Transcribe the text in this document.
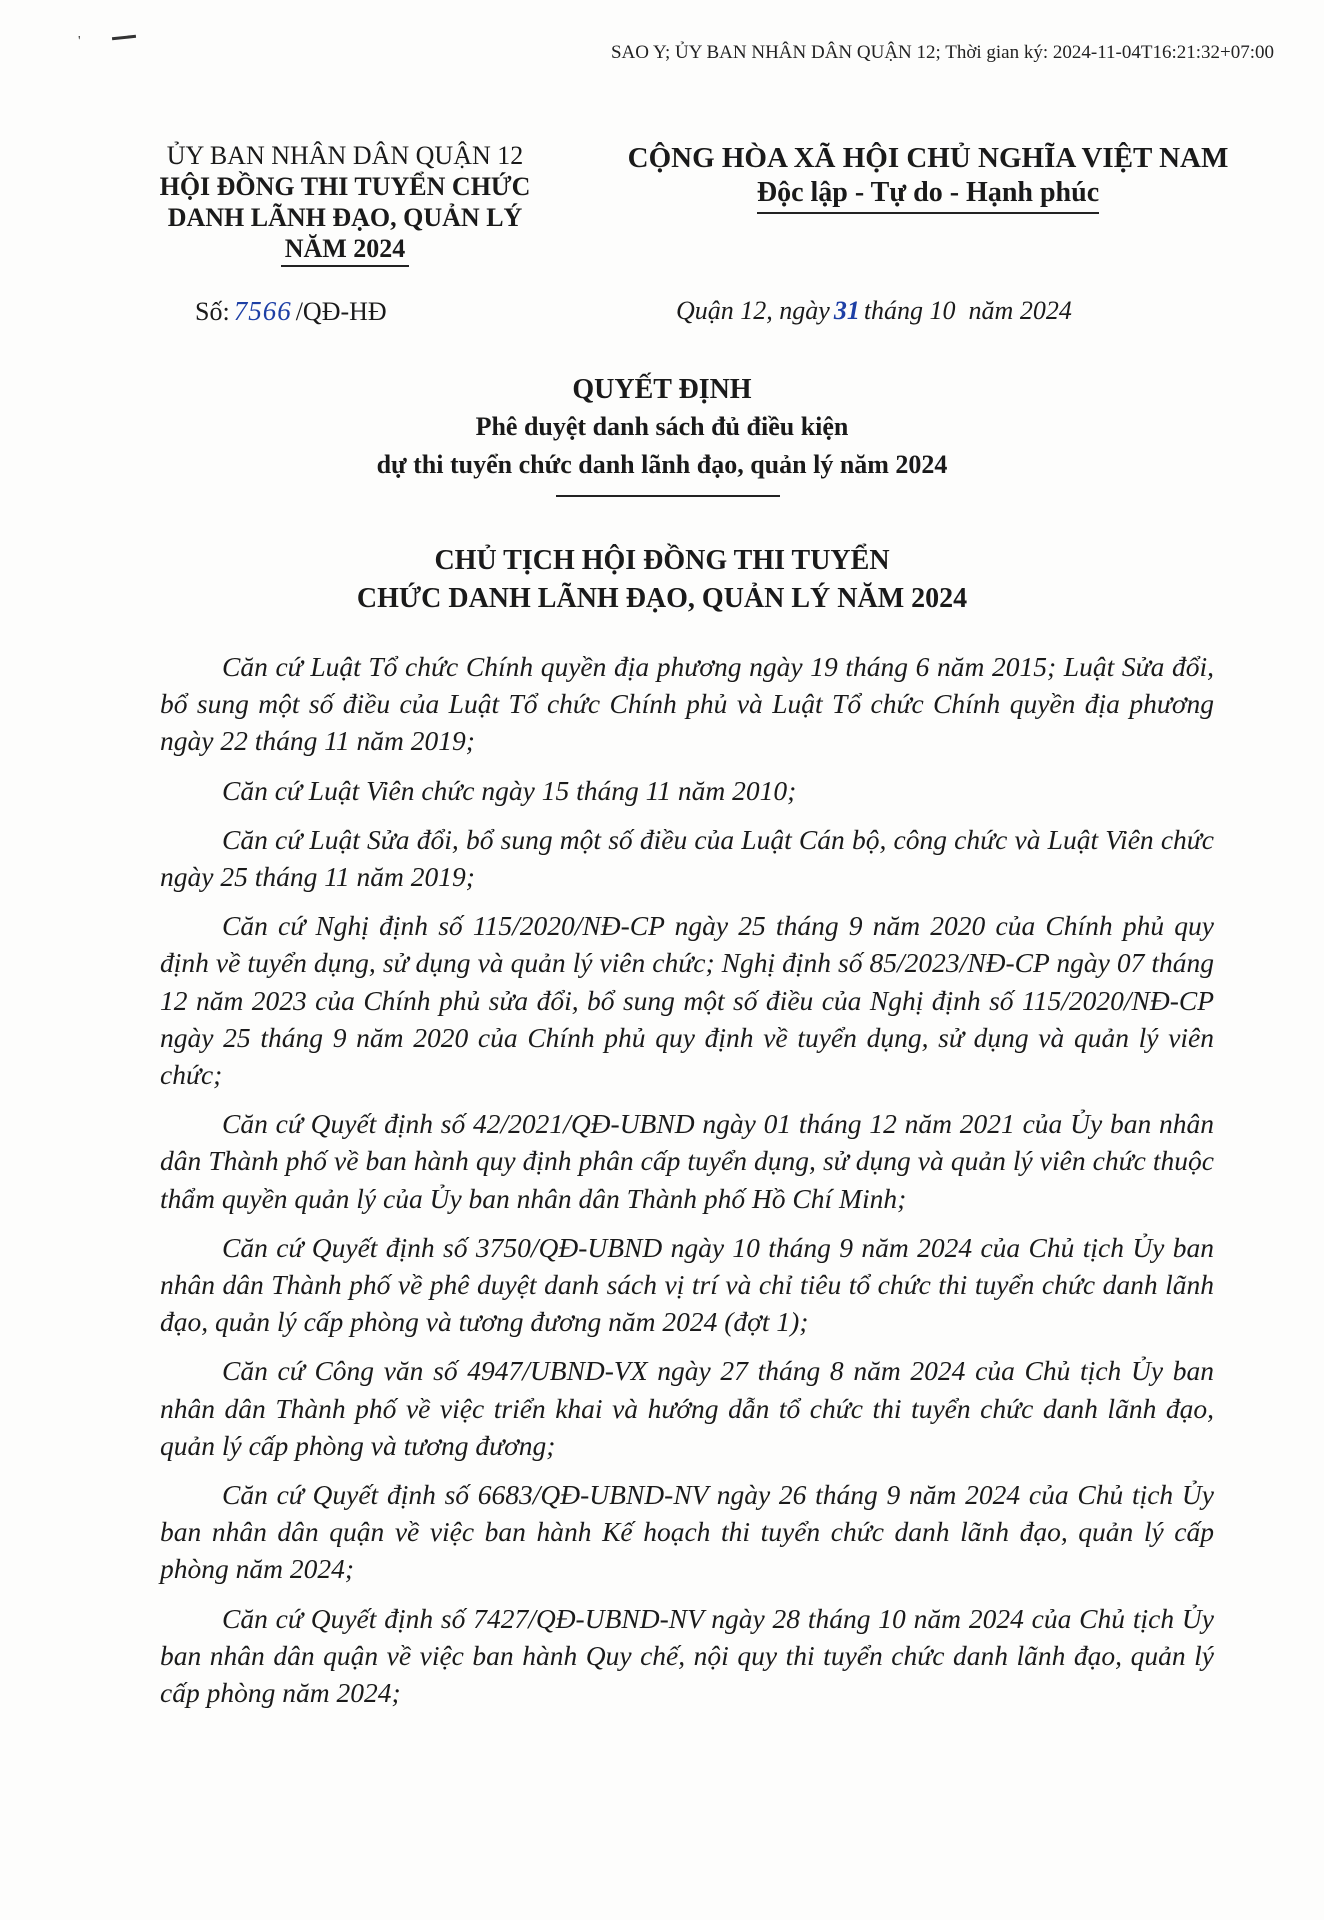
'
SAO Y; ỦY BAN NHÂN DÂN QUẬN 12; Thời gian ký: 2024-11-04T16:21:32+07:00
ỦY BAN NHÂN DÂN QUẬN 12
HỘI ĐỒNG THI TUYỂN CHỨC
DANH LÃNH ĐẠO, QUẢN LÝ
NĂM 2024
CỘNG HÒA XÃ HỘI CHỦ NGHĨA VIỆT NAM
Độc lập - Tự do - Hạnh phúc
Số: 7566 /QĐ-HĐ	Quận 12, ngày 31 tháng 10  năm 2024
QUYẾT ĐỊNH
Phê duyệt danh sách đủ điều kiện
dự thi tuyển chức danh lãnh đạo, quản lý năm 2024
CHỦ TỊCH HỘI ĐỒNG THI TUYỂN
CHỨC DANH LÃNH ĐẠO, QUẢN LÝ NĂM 2024

Căn cứ Luật Tổ chức Chính quyền địa phương ngày 19 tháng 6 năm 2015; Luật Sửa đổi, bổ sung một số điều của Luật Tổ chức Chính phủ và Luật Tổ chức Chính quyền địa phương ngày 22 tháng 11 năm 2019;

Căn cứ Luật Viên chức ngày 15 tháng 11 năm 2010;

Căn cứ Luật Sửa đổi, bổ sung một số điều của Luật Cán bộ, công chức và Luật Viên chức ngày 25 tháng 11 năm 2019;

Căn cứ Nghị định số 115/2020/NĐ-CP ngày 25 tháng 9 năm 2020 của Chính phủ quy định về tuyển dụng, sử dụng và quản lý viên chức; Nghị định số 85/2023/NĐ-CP ngày 07 tháng 12 năm 2023 của Chính phủ sửa đổi, bổ sung một số điều của Nghị định số 115/2020/NĐ-CP ngày 25 tháng 9 năm 2020 của Chính phủ quy định về tuyển dụng, sử dụng và quản lý viên chức;

Căn cứ Quyết định số 42/2021/QĐ-UBND ngày 01 tháng 12 năm 2021 của Ủy ban nhân dân Thành phố về ban hành quy định phân cấp tuyển dụng, sử dụng và quản lý viên chức thuộc thẩm quyền quản lý của Ủy ban nhân dân Thành phố Hồ Chí Minh;

Căn cứ Quyết định số 3750/QĐ-UBND ngày 10 tháng 9 năm 2024 của Chủ tịch Ủy ban nhân dân Thành phố về phê duyệt danh sách vị trí và chỉ tiêu tổ chức thi tuyển chức danh lãnh đạo, quản lý cấp phòng và tương đương năm 2024 (đợt 1);

Căn cứ Công văn số 4947/UBND-VX ngày 27 tháng 8 năm 2024 của Chủ tịch Ủy ban nhân dân Thành phố về việc triển khai và hướng dẫn tổ chức thi tuyển chức danh lãnh đạo, quản lý cấp phòng và tương đương;

Căn cứ Quyết định số 6683/QĐ-UBND-NV ngày 26 tháng 9 năm 2024 của Chủ tịch Ủy ban nhân dân quận về việc ban hành Kế hoạch thi tuyển chức danh lãnh đạo, quản lý cấp phòng năm 2024;

Căn cứ Quyết định số 7427/QĐ-UBND-NV ngày 28 tháng 10 năm 2024 của Chủ tịch Ủy ban nhân dân quận về việc ban hành Quy chế, nội quy thi tuyển chức danh lãnh đạo, quản lý cấp phòng năm 2024;
